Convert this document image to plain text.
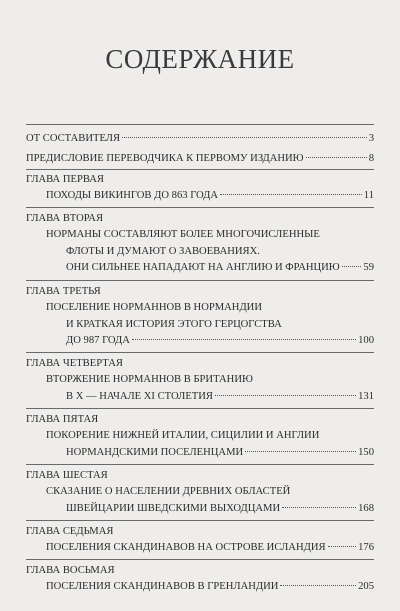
СОДЕРЖАНИЕ
ОТ СОСТАВИТЕЛЯ	3
ПРЕДИСЛОВИЕ ПЕРЕВОДЧИКА К ПЕРВОМУ ИЗДАНИЮ	8
ГЛАВА ПЕРВАЯ
ПОХОДЫ ВИКИНГОВ ДО 863 ГОДА	11
ГЛАВА ВТОРАЯ
НОРМАНЫ СОСТАВЛЯЮТ БОЛЕЕ МНОГОЧИСЛЕННЫЕ
ФЛОТЫ И ДУМАЮТ О ЗАВОЕВАНИЯХ.
ОНИ СИЛЬНЕЕ НАПАДАЮТ НА АНГЛИЮ И ФРАНЦИЮ 59
ГЛАВА ТРЕТЬЯ
ПОСЕЛЕНИЕ НОРМАННОВ В НОРМАНДИИ
И КРАТКАЯ ИСТОРИЯ ЭТОГО ГЕРЦОГСТВА
ДО 987 ГОДА	100
ГЛАВА ЧЕТВЕРТАЯ
ВТОРЖЕНИЕ НОРМАННОВ В БРИТАНИЮ
В X — НАЧАЛЕ XI СТОЛЕТИЯ	131
ГЛАВА ПЯТАЯ
ПОКОРЕНИЕ НИЖНЕЙ ИТАЛИИ, СИЦИЛИИ И АНГЛИИ
НОРМАНДСКИМИ ПОСЕЛЕНЦАМИ	150
ГЛАВА ШЕСТАЯ
СКАЗАНИЕ О НАСЕЛЕНИИ ДРЕВНИХ ОБЛАСТЕЙ
ШВЕЙЦАРИИ ШВЕДСКИМИ ВЫХОДЦАМИ	168
ГЛАВА СЕДЬМАЯ
ПОСЕЛЕНИЯ СКАНДИНАВОВ НА ОСТРОВЕ ИСЛАНДИЯ	176
ГЛАВА ВОСЬМАЯ
ПОСЕЛЕНИЯ СКАНДИНАВОВ В ГРЕНЛАНДИИ	205
